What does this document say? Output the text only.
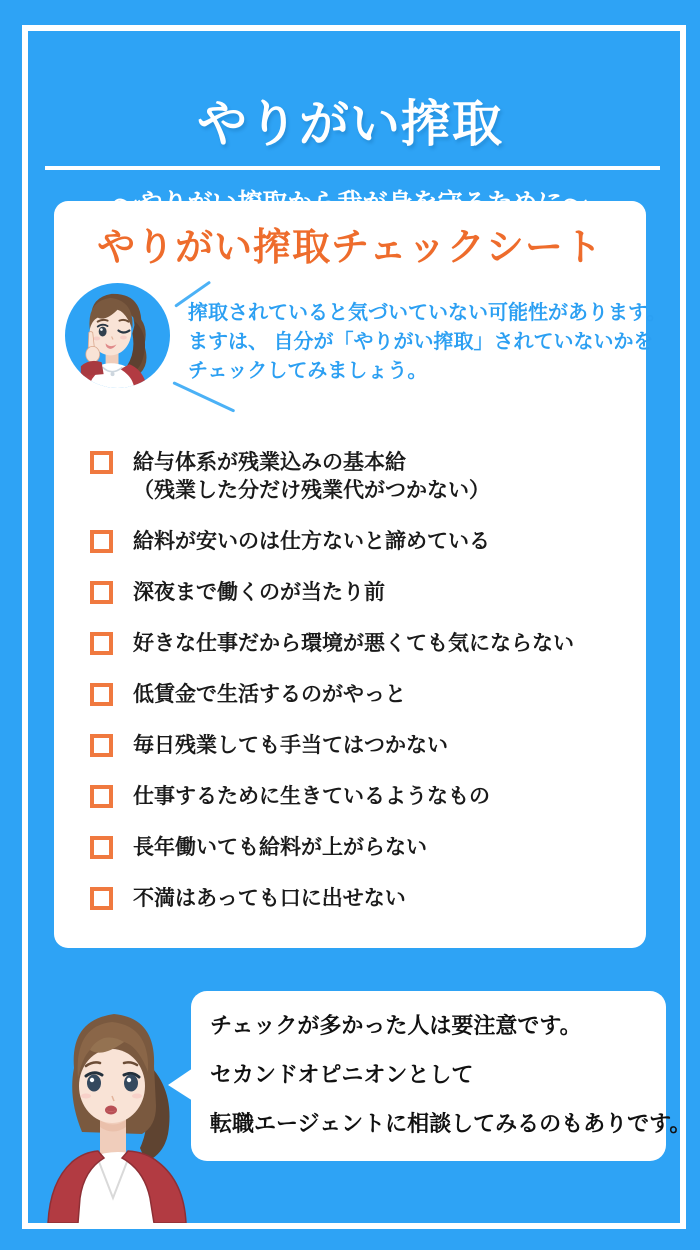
やりがい搾取
やりがい搾取チェックシート
搾取されていると気づいていない可能性があります。
ますは、 自分が「やりがい搾取」されていないかを
チェックしてみましょう。
給与体系が残業込みの基本給
（残業した分だけ残業代がつかない）
給料が安いのは仕方ないと諦めている
深夜まで働くのが当たり前
好きな仕事だから環境が悪くても気にならない
低賃金で生活するのがやっと
毎日残業しても手当てはつかない
仕事するために生きているようなもの
長年働いても給料が上がらない
不満はあっても口に出せない
チェックが多かった人は要注意です。
セカンドオピニオンとして
転職エージェントに相談してみるのもありです。
